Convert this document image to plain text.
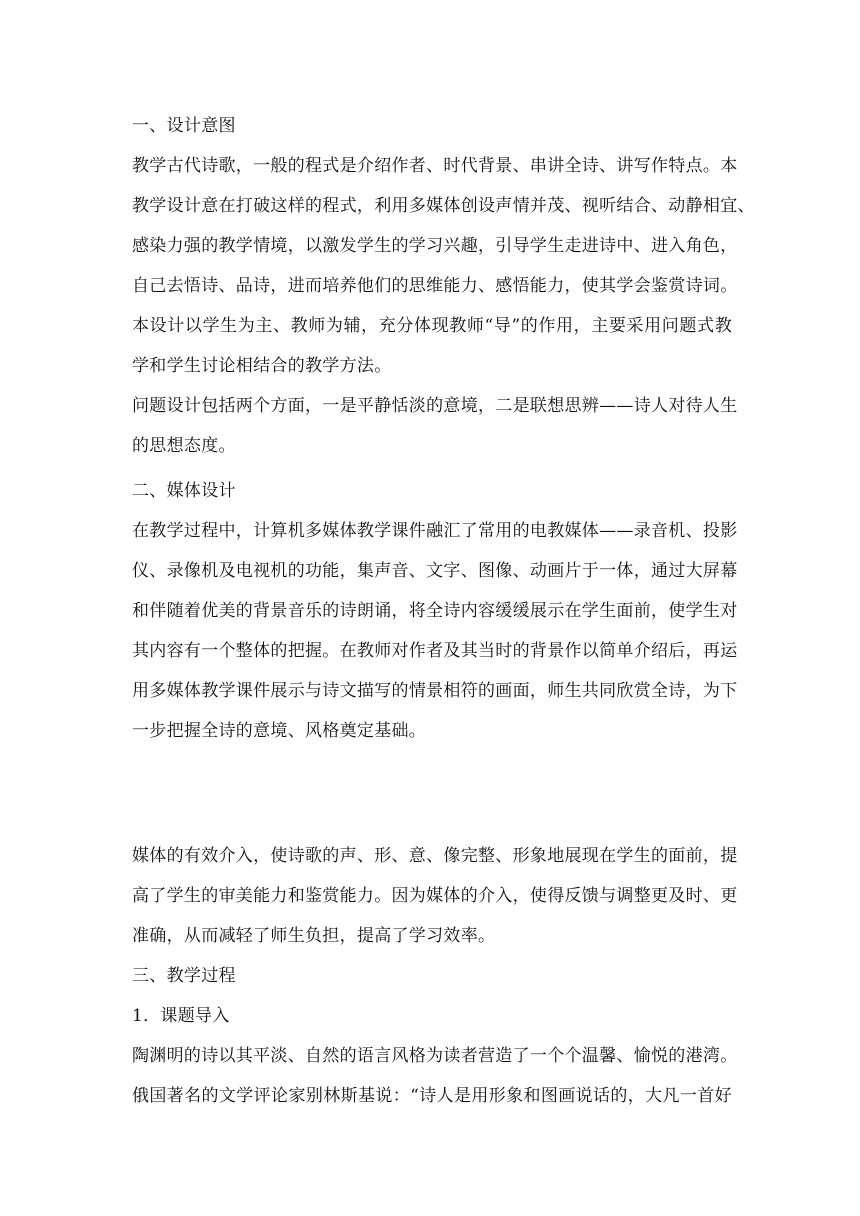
一、设计意图
教学古代诗歌，一般的程式是介绍作者、时代背景、串讲全诗、讲写作特点。本
教学设计意在打破这样的程式，利用多媒体创设声情并茂、视听结合、动静相宜、
感染力强的教学情境，以激发学生的学习兴趣，引导学生走进诗中、进入角色，
自己去悟诗、品诗，进而培养他们的思维能力、感悟能力，使其学会鉴赏诗词。
本设计以学生为主、教师为辅，充分体现教师“导”的作用，主要采用问题式教
学和学生讨论相结合的教学方法。
问题设计包括两个方面，一是平静恬淡的意境，二是联想思辨——诗人对待人生
的思想态度。
二、媒体设计
在教学过程中，计算机多媒体教学课件融汇了常用的电教媒体——录音机、投影
仪、录像机及电视机的功能，集声音、文字、图像、动画片于一体，通过大屏幕
和伴随着优美的背景音乐的诗朗诵，将全诗内容缓缓展示在学生面前，使学生对
其内容有一个整体的把握。在教师对作者及其当时的背景作以简单介绍后，再运
用多媒体教学课件展示与诗文描写的情景相符的画面，师生共同欣赏全诗，为下
一步把握全诗的意境、风格奠定基础。
媒体的有效介入，使诗歌的声、形、意、像完整、形象地展现在学生的面前，提
高了学生的审美能力和鉴赏能力。因为媒体的介入，使得反馈与调整更及时、更
准确，从而减轻了师生负担，提高了学习效率。
三、教学过程
1．课题导入
陶渊明的诗以其平淡、自然的语言风格为读者营造了一个个温馨、愉悦的港湾。
俄国著名的文学评论家别林斯基说：“诗人是用形象和图画说话的，大凡一首好
